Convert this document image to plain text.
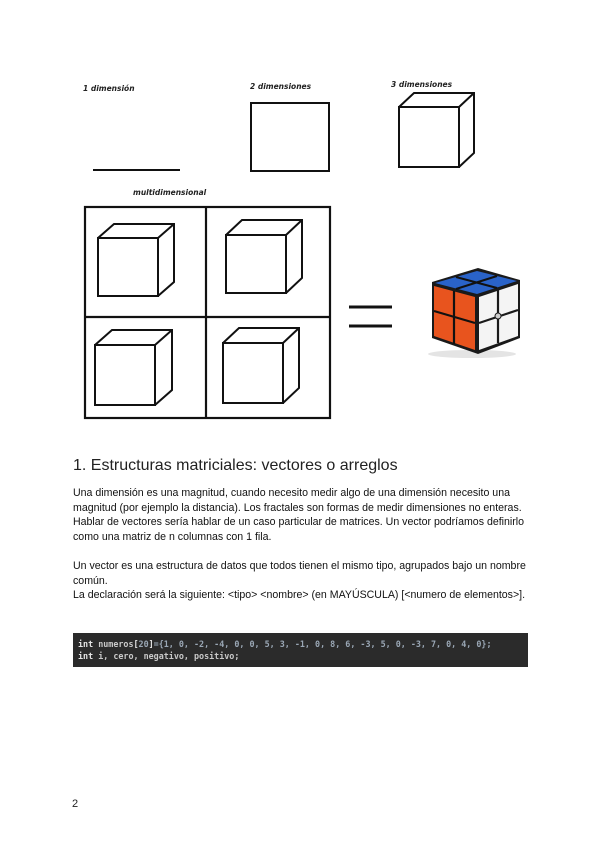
1 dimensión	2 dimensiones	3 dimensiones
multidimensional
1. Estructuras matriciales: vectores o arreglos

Una dimensión es una magnitud, cuando necesito medir algo de una dimensión necesito una magnitud (por ejemplo la distancia). Los fractales son formas de medir dimensiones no enteras.

Hablar de vectores sería hablar de un caso particular de matrices. Un vector podríamos definirlo como una matriz de n columnas con 1 fila.

Un vector es una estructura de datos que todos tienen el mismo tipo, agrupados bajo un nombre común.

La declaración será la siguiente: <tipo> <nombre> (en MAYÚSCULA) [<numero de elementos>].

int numeros[20]={1, 0, -2, -4, 0, 0, 5, 3, -1, 0, 8, 6, -3, 5, 0, -3, 7, 0, 4, 0};
int i, cero, negativo, positivo;
2
